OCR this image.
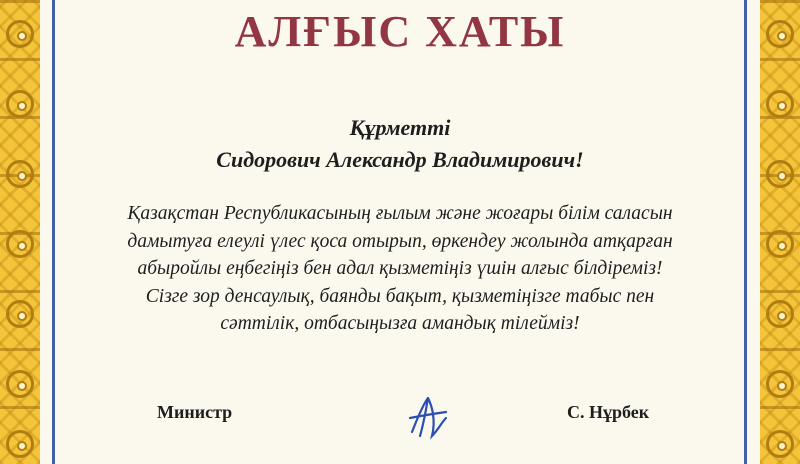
АЛҒЫС ХАТЫ
Құрметті
Сидорович Александр Владимирович!
Қазақстан Республикасының ғылым және жоғары білім саласын
дамытуға елеулі үлес қоса отырып, өркендеу жолында атқарған
абыройлы еңбегіңіз бен адал қызметіңіз үшін алғыс білдіреміз!
Сізге зор денсаулық, баянды бақыт, қызметіңізге табыс пен
сәттілік, отбасыңызға амандық тілейміз!
Министр	С. Нұрбек
